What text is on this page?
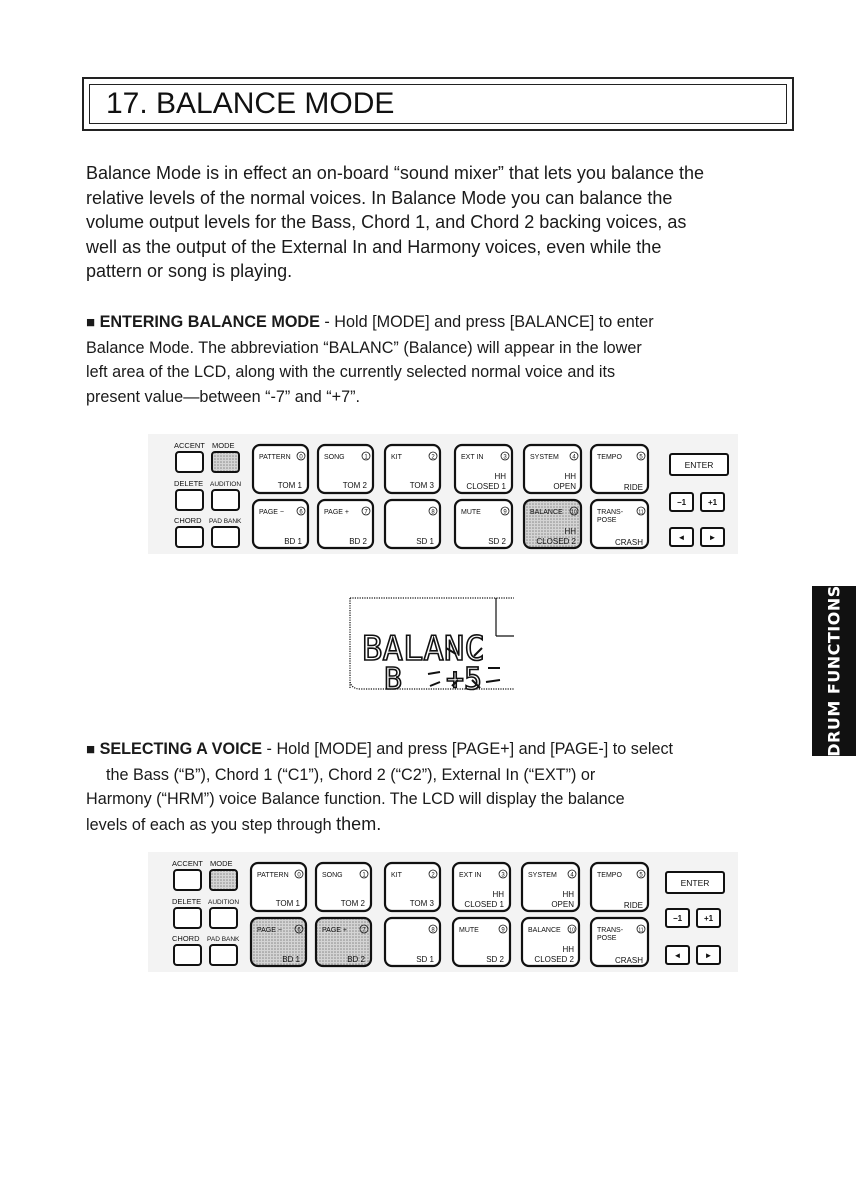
17. BALANCE MODE
Balance Mode is in effect an on-board “sound mixer” that lets you balance the
relative levels of the normal voices. In Balance Mode you can balance the
volume output levels for the Bass, Chord 1, and Chord 2 backing voices, as
well as the output of the External In and Harmony voices, even while the
pattern or song is playing.
■ ENTERING BALANCE MODE - Hold [MODE] and press [BALANCE] to enter
Balance Mode. The abbreviation “BALANC” (Balance) will appear in the lower
left area of the LCD, along with the currently selected normal voice and its
present value—between “-7” and “+7”.
ACCENT MODE
DELETE AUDITION
CHORD PAD BANK
PATTERN 0
TOM 1
SONG	1
TOM 2
KIT	2
TOM 3
EXT IN	3
HH
CLOSED 1
SYSTEM 4
HH
OPEN
TEMPO	5
RIDE
PAGE −	6
BD 1
PAGE +	7
BD 2
8
SD 1
MUTE	9
SD 2
BALANCE 10
HH
CLOSED 2
TRANS-
POSE
11
CRASH
ENTER
−1	+1
◄	►
BALANC
B +5	DRUM FUNCTIONS
■ SELECTING A VOICE - Hold [MODE] and press [PAGE+] and [PAGE-] to select
the Bass (“B”), Chord 1 (“C1”), Chord 2 (“C2”), External In (“EXT”) or
Harmony (“HRM”) voice Balance function. The LCD will display the balance
levels of each as you step through them.
ACCENT MODE
DELETE AUDITION
CHORD PAD BANK
PATTERN 0
TOM 1
SONG	1
TOM 2
KIT	2
TOM 3
EXT IN	3
HH
CLOSED 1
SYSTEM 4
HH
OPEN
TEMPO	5
RIDE
PAGE −	6
BD 1
PAGE +	7
BD 2
8
SD 1
MUTE	9
SD 2
BALANCE 10
HH
CLOSED 2
TRANS-
POSE
11
CRASH
ENTER
−1	+1
◄	►
